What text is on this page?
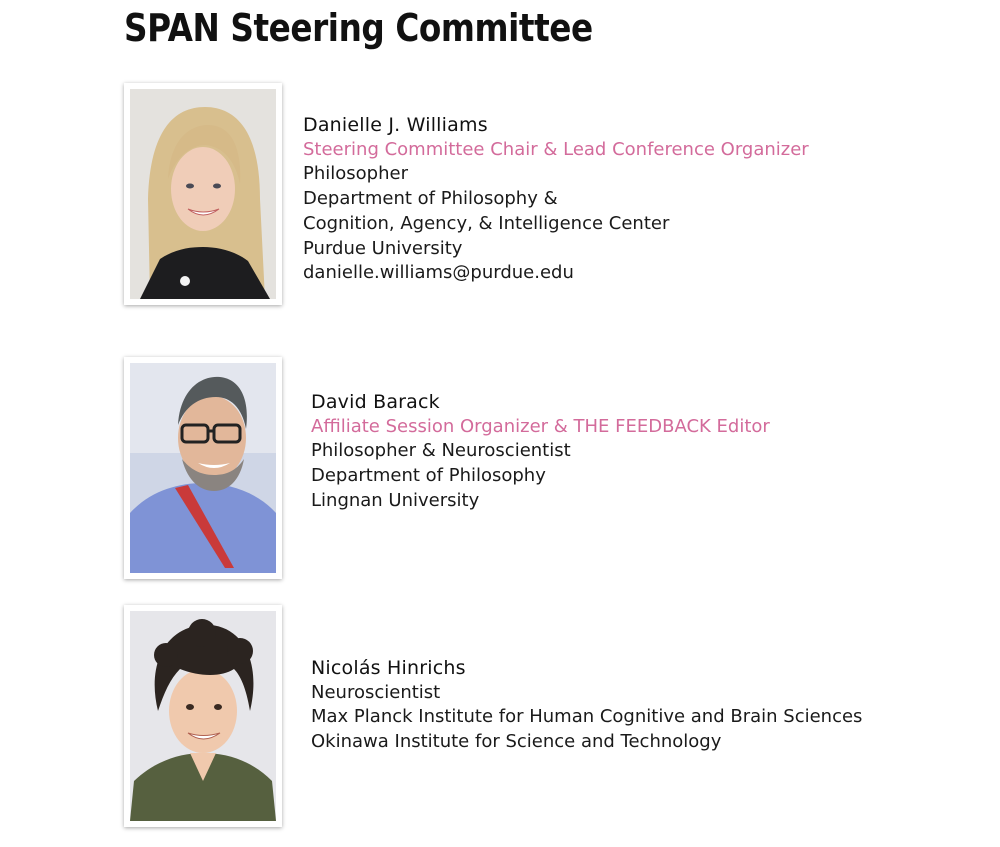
SPAN Steering Committee
Danielle J. Williams
Steering Committee Chair & Lead Conference Organizer
Philosopher
Department of Philosophy &
Cognition, Agency, & Intelligence Center
Purdue University
danielle.williams@purdue.edu
David Barack
Affiliate Session Organizer & THE FEEDBACK Editor
Philosopher & Neuroscientist
Department of Philosophy
Lingnan University
Nicolás Hinrichs
Neuroscientist
Max Planck Institute for Human Cognitive and Brain Sciences
Okinawa Institute for Science and Technology
